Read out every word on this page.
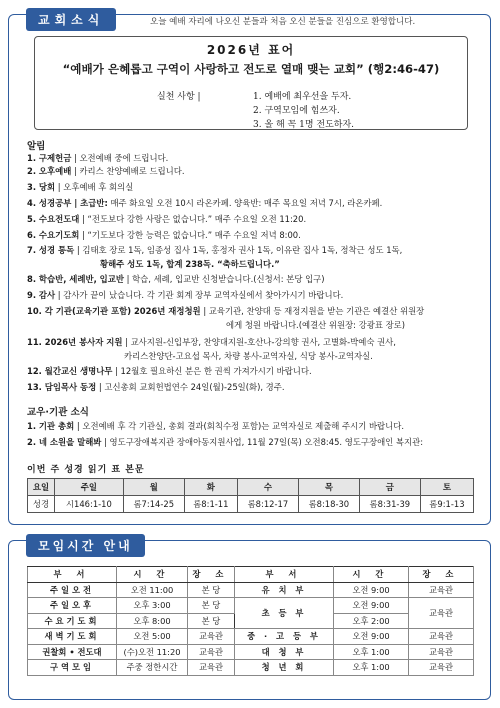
교회소식	오늘 예배 자리에 나오신 분들과 처음 오신 분들을 진심으로 환영합니다.
2026년 표어
“예배가 은혜롭고 구역이 사랑하고 전도로 열매 맺는 교회” (행2:46-47)
실천 사항 |	1. 예배에 최우선을 두자.
2. 구역모임에 힘쓰자.
3. 올 해 꼭 1명 전도하자.
알림
1. 구제헌금 | 오전예배 중에 드립니다.
2. 오후예배 | 카리스 찬양예배로 드립니다.
3. 당회 | 오후예배 후 회의실
4. 성경공부 | 초급반: 매주 화요일 오전 10시 라온카페. 양육반: 매주 목요일 저녁 7시, 라온카페.
5. 수요전도대 | “전도보다 강한 사랑은 없습니다.” 매주 수요일 오전 11:20.
6. 수요기도회 | “기도보다 강한 능력은 없습니다.” 매주 수요일 저녁 8:00.
7. 성경 통독 | 김태호 장로 1독, 임종성 집사 1독, 홍정자 권사 1독, 이유란 집사 1독, 정착근 성도 1독,
황해주 성도 1독, 합계 238독. “축하드립니다.”
8. 학습반, 세례반, 입교반 | 학습, 세례, 입교반 신청받습니다.(신청서: 본당 입구)
9. 감사 | 감사가 끝이 났습니다. 각 기관 회계 장부 교역자실에서 찾아가시기 바랍니다.
10. 각 기관(교육기관 포함) 2026년 재정청원 | 교육기관, 찬양대 등 재정지원을 받는 기관은 예결산 위원장
에게 청원 바랍니다.(예결산 위원장: 강광표 장로)
11. 2026년 봉사자 지원 | 교사지원-신입부장, 찬양대지원-호산나-강의향 권사, 고별화-박예숙 권사,
카리스찬양단-고요섭 목사, 차량 봉사-교역자실, 식당 봉사-교역자실.
12. 월간교신 생명나무 | 12월호 필요하신 분은 한 권씩 가져가시기 바랍니다.
13. 담임목사 동정 | 고신총회 교회헌법연수 24일(월)-25일(화), 경주.
교우·기관 소식
1. 기관 총회 | 오전예배 후 각 기관실, 총회 결과(회칙수정 포함)는 교역자실로 제출해 주시기 바랍니다.
2. 네 소원을 말해봐 | 영도구장애복지관 장애아동지원사업, 11월 27일(목) 오전8:45. 영도구장애인 복지관:
이번 주 성경 읽기 표 본문
요일	주일	월	화	수	목	금	토
성경	시146:1-10	롬7:14-25	롬8:1-11	롬8:12-17	롬8:18-30	롬8:31-39	롬9:1-13
모임시간 안내
부 서	시 간	장 소	부 서	시 간	장 소
주일오전	오전 11:00	본 당	유 치 부	오전 9:00	교육관
주일오후	오후 3:00	본 당	초 등 부	오전 9:00	교육관
수요기도회	오후 8:00	본 당		오후 2:00	
새벽기도회	오전 5:00	교육관	중 · 고 등 부	오전 9:00	교육관
권찰회 • 전도대	(수)오전 11:20	교육관	대 청 부	오후 1:00	교육관
구역모임	주중 정한시간	교육관	청 년 회	오후 1:00	교육관
